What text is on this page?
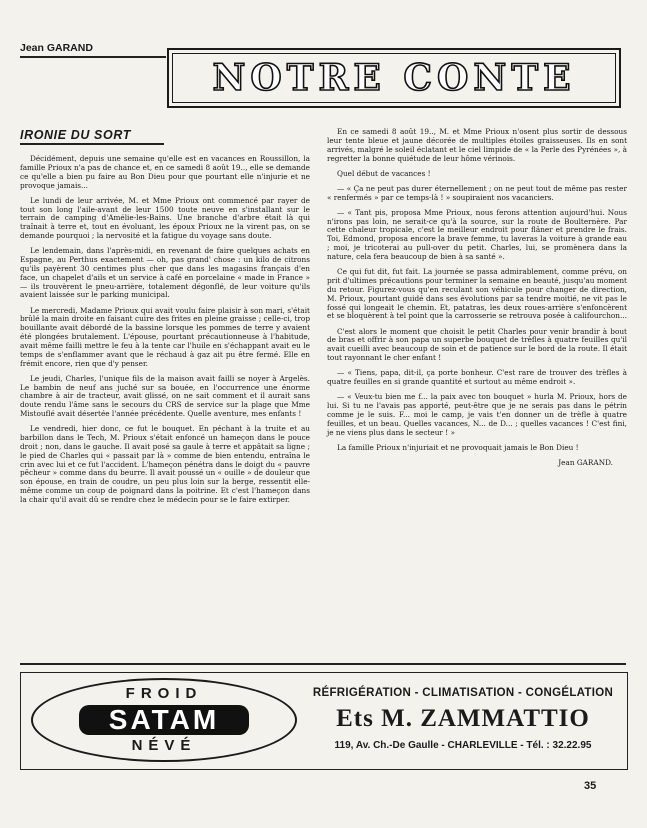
Jean GARAND
NOTRE CONTE
IRONIE DU SORT

Décidément, depuis une semaine qu'elle est en vacances en Roussillon, la famille Prioux n'a pas de chance et, en ce samedi 8 août 19.., elle se demande ce qu'elle a bien pu faire au Bon Dieu pour que pourtant elle n'injurie et ne provoque jamais...

Le lundi de leur arrivée, M. et Mme Prioux ont commencé par rayer de tout son long l'aile-avant de leur 1500 toute neuve en s'installant sur le terrain de camping d'Amélie-les-Bains. Une branche d'arbre était là qui traînait à terre et, tout en évoluant, les époux Prioux ne la virent pas, on se demande pourquoi ; la nervosité et la fatigue du voyage sans doute.

Le lendemain, dans l'après-midi, en revenant de faire quelques achats en Espagne, au Perthus exactement — oh, pas grand' chose : un kilo de citrons qu'ils payèrent 30 centimes plus cher que dans les magasins français d'en face, un chapelet d'ails et un service à café en porcelaine « made in France » — ils trouvèrent le pneu-arrière, totalement dégonflé, de leur voiture qu'ils avaient laissée sur le parking municipal.

Le mercredi, Madame Prioux qui avait voulu faire plaisir à son mari, s'était brûlé la main droite en faisant cuire des frites en pleine graisse ; celle-ci, trop bouillante avait débordé de la bassine lorsque les pommes de terre y avaient été plongées brutalement. L'épouse, pourtant précautionneuse à l'habitude, avait même failli mettre le feu à la tente car l'huile en s'échappant avait eu le temps de s'enflammer avant que le réchaud à gaz ait pu être fermé. Elle en frémit encore, rien que d'y penser.

Le jeudi, Charles, l'unique fils de la maison avait failli se noyer à Argelès. Le bambin de neuf ans juché sur sa bouée, en l'occurrence une énorme chambre à air de tracteur, avait glissé, on ne sait comment et il aurait sans doute rendu l'âme sans le secours du CRS de service sur la plage que Mme Mistouflé avait désertée l'année précédente. Quelle aventure, mes enfants !

Le vendredi, hier donc, ce fut le bouquet. En péchant à la truite et au barbillon dans le Tech, M. Prioux s'était enfoncé un hameçon dans le pouce droit ; non, dans le gauche. Il avait posé sa gaule à terre et appâtait sa ligne ; le pied de Charles qui « passait par là » comme de bien entendu, entraîna le crin avec lui et ce fut l'accident. L'hameçon pénétra dans le doigt du « pauvre pêcheur » comme dans du beurre. Il avait poussé un « ouille » de douleur que son épouse, en train de coudre, un peu plus loin sur la berge, ressentit elle-même comme un coup de poignard dans la poitrine. Et c'est l'hameçon dans la chair qu'il avait dû se rendre chez le médecin pour se le faire extirper.

En ce samedi 8 août 19.., M. et Mme Prioux n'osent plus sortir de dessous leur tente bleue et jaune décorée de multiples étoiles graisseuses. Ils en sont arrivés, malgré le soleil éclatant et le ciel limpide de « la Perle des Pyrénées », à regretter la bonne quiétude de leur hôme vérinois.

Quel début de vacances !

— « Ça ne peut pas durer éternellement ; on ne peut tout de même pas rester « renfermés » par ce temps-là ! » soupiraient nos vacanciers.

— « Tant pis, proposa Mme Prioux, nous ferons attention aujourd'hui. Nous n'irons pas loin, ne serait-ce qu'à la source, sur la route de Boulternère. Par cette chaleur tropicale, c'est le meilleur endroit pour flâner et prendre le frais. Toi, Edmond, proposa encore la brave femme, tu laveras la voiture à grande eau ; moi, je tricoterai au pull-over du petit. Charles, lui, se promènera dans la nature, cela fera beaucoup de bien à sa santé ».

Ce qui fut dit, fut fait. La journée se passa admirablement, comme prévu, on prit d'ultimes précautions pour terminer la semaine en beauté, jusqu'au moment du retour. Figurez-vous qu'en reculant son véhicule pour changer de direction, M. Prioux, pourtant guidé dans ses évolutions par sa tendre moitié, ne vit pas le fossé qui longeait le chemin. Et, patatras, les deux roues-arrière s'enfoncèrent et se bloquèrent à tel point que la carrosserie se retrouva posée à califourchon...

C'est alors le moment que choisit le petit Charles pour venir brandir à bout de bras et offrir à son papa un superbe bouquet de trèfles à quatre feuilles qu'il avait cueilli avec beaucoup de soin et de patience sur le bord de la route. Il était tout rayonnant le cher enfant !

— « Tiens, papa, dit-il, ça porte bonheur. C'est rare de trouver des trèfles à quatre feuilles en si grande quantité et surtout au même endroit ».

— « Veux-tu bien me f... la paix avec ton bouquet » hurla M. Prioux, hors de lui. Si tu ne l'avais pas apporté, peut-être que je ne serais pas dans le pétrin comme je le suis. F... moi le camp, je vais t'en donner un de trèfle à quatre feuilles, et un beau. Quelles vacances, N... de D... ; quelles vacances ! C'est fini, je ne viens plus dans le secteur ! »

La famille Prioux n'injuriait et ne provoquait jamais le Bon Dieu !

Jean GARAND.
FROID
SATAM
NÉVÉ
RÉFRIGÉRATION - CLIMATISATION - CONGÉLATION
Ets M. ZAMMATTIO
119, Av. Ch.-De Gaulle - CHARLEVILLE - Tél. : 32.22.95
35
